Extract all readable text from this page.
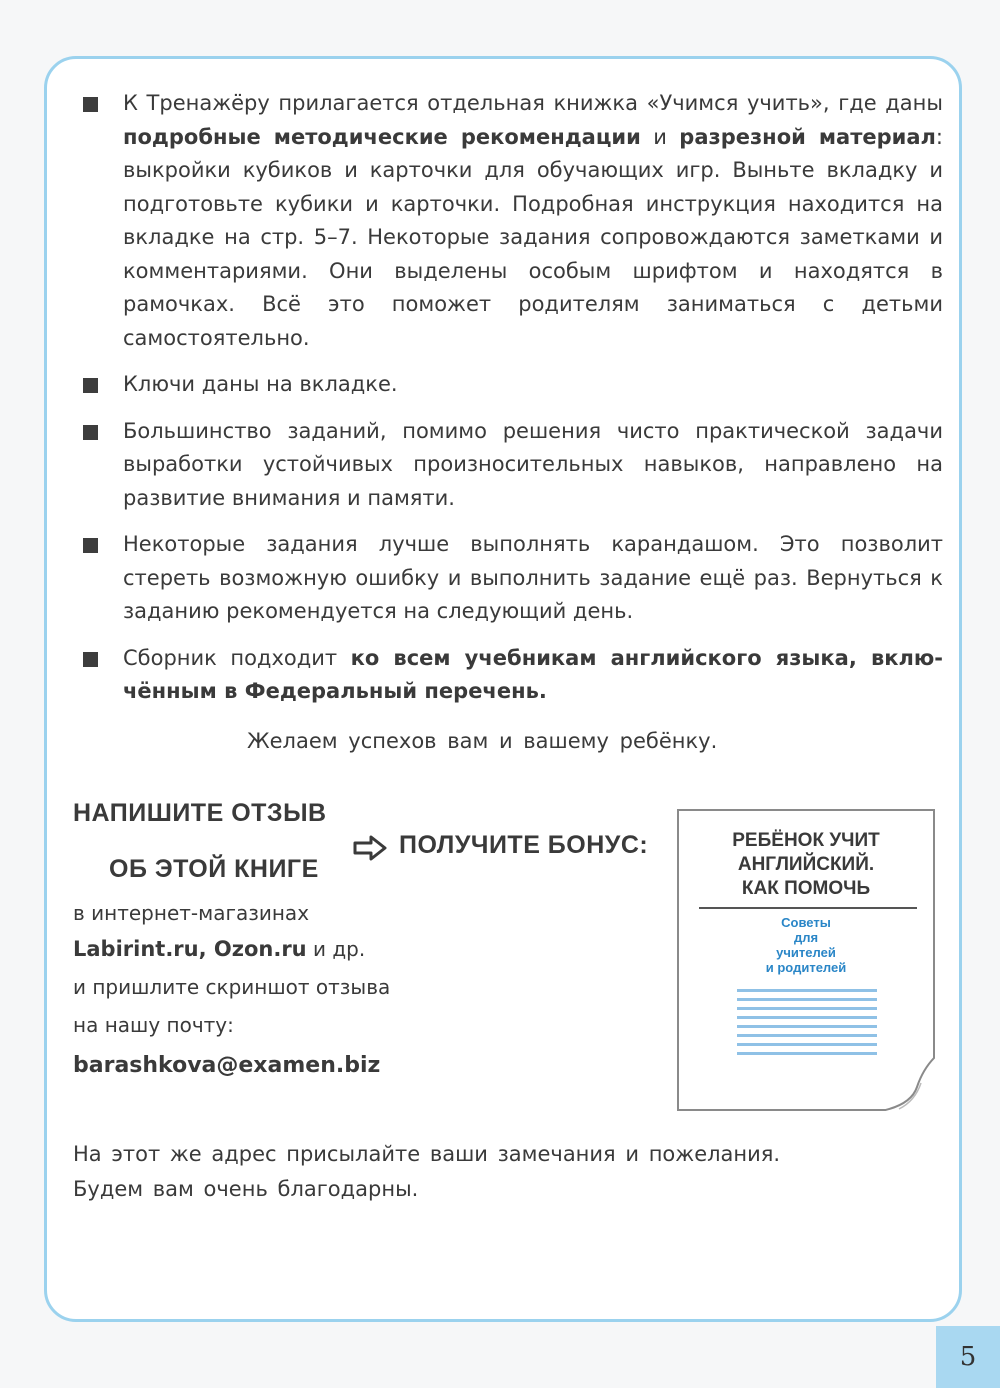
К Тренажёру прилагается отдельная книжка «Учимся учить», где даны подробные методические рекомендации и разрезной материал: выкройки кубиков и карточки для обучающих игр. Выньте вкладку и подготовьте кубики и карточки. Подробная инструкция находится на вкладке на стр. 5–7. Некоторые задания сопровождаются заметками и комментариями. Они выделены особым шрифтом и находятся в рамочках. Всё это поможет родителям заниматься с детьми самостоятельно.
Ключи даны на вкладке.
Большинство заданий, помимо решения чисто практической задачи выработки устойчивых произносительных навыков, направлено на развитие внимания и памяти.
Некоторые задания лучше выполнять карандашом. Это позволит стереть возможную ошибку и выполнить задание ещё раз. Вернуться к заданию рекомендуется на следующий день.
Сборник подходит ко всем учебникам английского языка, включённым в Федеральный перечень.
Желаем успехов вам и вашему ребёнку.
НАПИШИТЕ ОТЗЫВ
ОБ ЭТОЙ КНИГЕ
ПОЛУЧИТЕ БОНУС:
в интернет-магазинах
Labirint.ru, Ozon.ru и др.
и пришлите скриншот отзыва
на нашу почту:
barashkova@examen.biz
РЕБЁНОК УЧИТ
АНГЛИЙСКИЙ.
КАК ПОМОЧЬ
Советы
для
учителей
и родителей
На этот же адрес присылайте ваши замечания и пожелания.
Будем вам очень благодарны.
5
